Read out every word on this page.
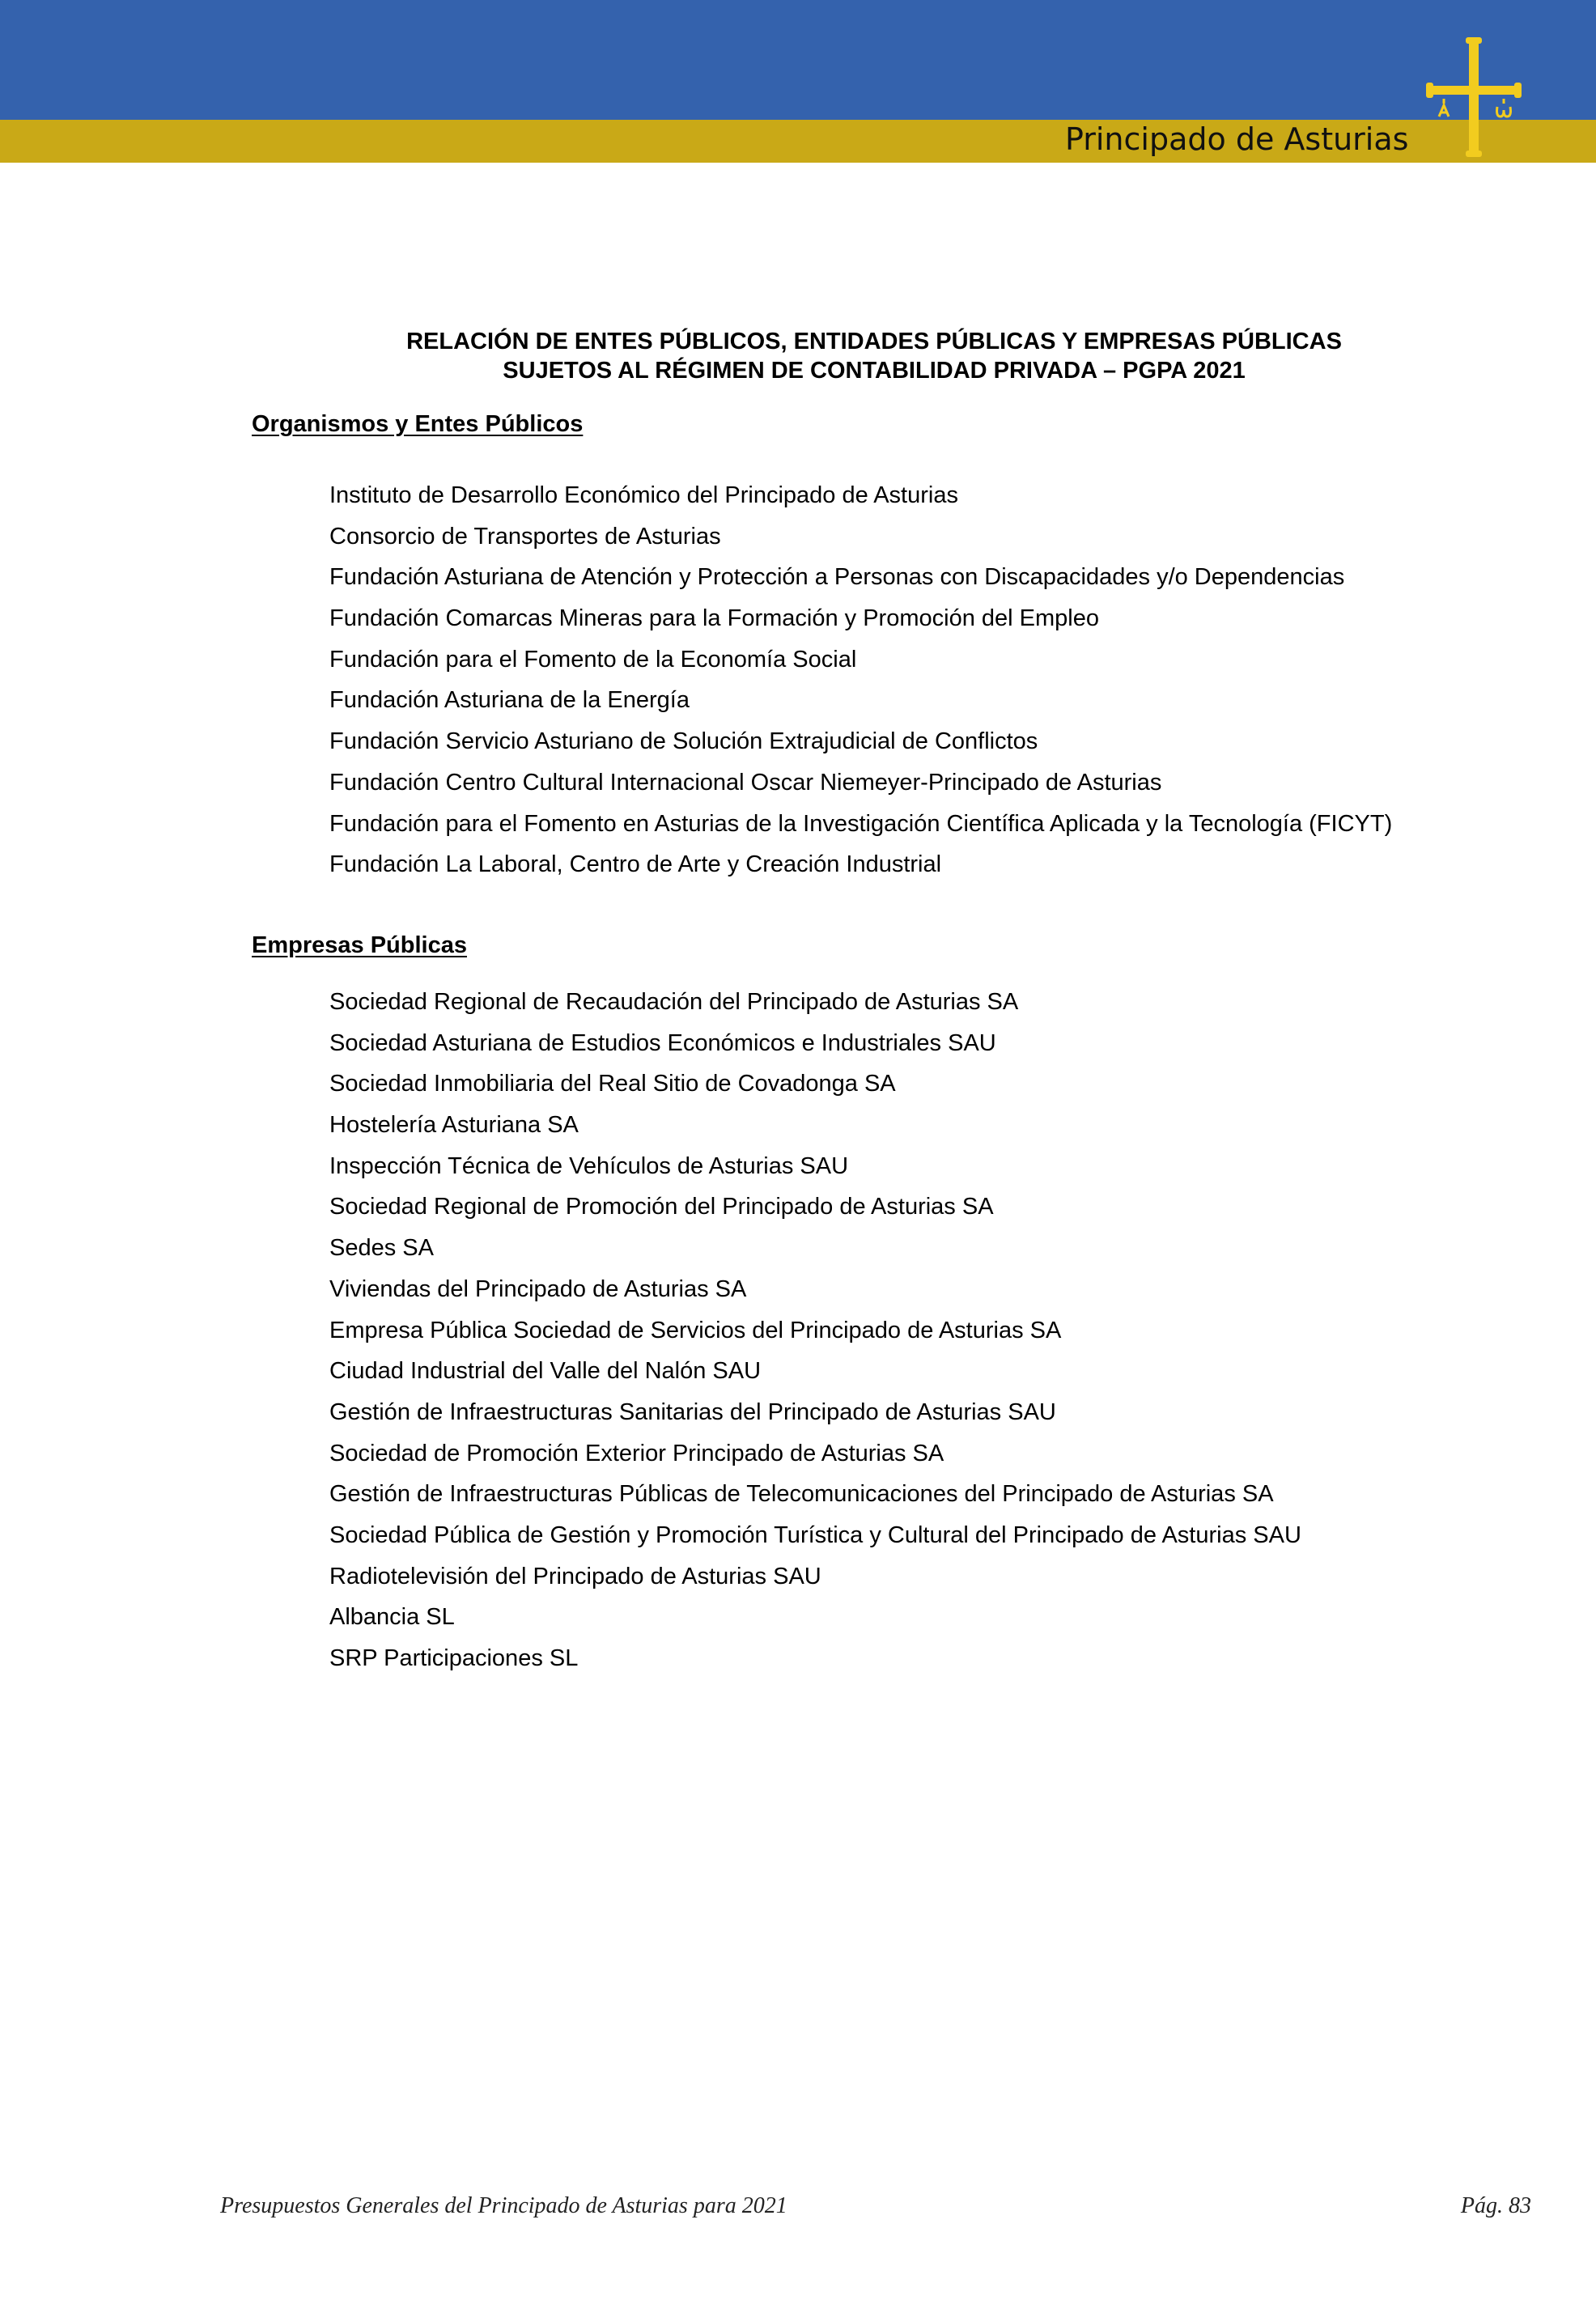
Principado de Asturias
RELACIÓN DE ENTES PÚBLICOS, ENTIDADES PÚBLICAS Y EMPRESAS PÚBLICAS
SUJETOS AL RÉGIMEN DE CONTABILIDAD PRIVADA – PGPA 2021
Organismos y Entes Públicos
Instituto de Desarrollo Económico del Principado de Asturias
Consorcio de Transportes de Asturias
Fundación Asturiana de Atención y Protección a Personas con Discapacidades y/o Dependencias
Fundación Comarcas Mineras para la Formación y Promoción del Empleo
Fundación para el Fomento de la Economía Social
Fundación Asturiana de la Energía
Fundación Servicio Asturiano de Solución Extrajudicial de Conflictos
Fundación Centro Cultural Internacional Oscar Niemeyer-Principado de Asturias
Fundación para el Fomento en Asturias de la Investigación Científica Aplicada y la Tecnología (FICYT)
Fundación La Laboral, Centro de Arte y Creación Industrial
Empresas Públicas
Sociedad Regional de Recaudación del Principado de Asturias SA
Sociedad Asturiana de Estudios Económicos e Industriales SAU
Sociedad Inmobiliaria del Real Sitio de Covadonga SA
Hostelería Asturiana SA
Inspección Técnica de Vehículos de Asturias SAU
Sociedad Regional de Promoción del Principado de Asturias SA
Sedes SA
Viviendas del Principado de Asturias SA
Empresa Pública Sociedad de Servicios del Principado de Asturias SA
Ciudad Industrial del Valle del Nalón SAU
Gestión de Infraestructuras Sanitarias del Principado de Asturias SAU
Sociedad de Promoción Exterior Principado de Asturias SA
Gestión de Infraestructuras Públicas de Telecomunicaciones del Principado de Asturias SA
Sociedad Pública de Gestión y Promoción Turística y Cultural del Principado de Asturias SAU
Radiotelevisión del Principado de Asturias SAU
Albancia SL
SRP Participaciones SL
Presupuestos Generales del Principado de Asturias para 2021	Pág. 83
